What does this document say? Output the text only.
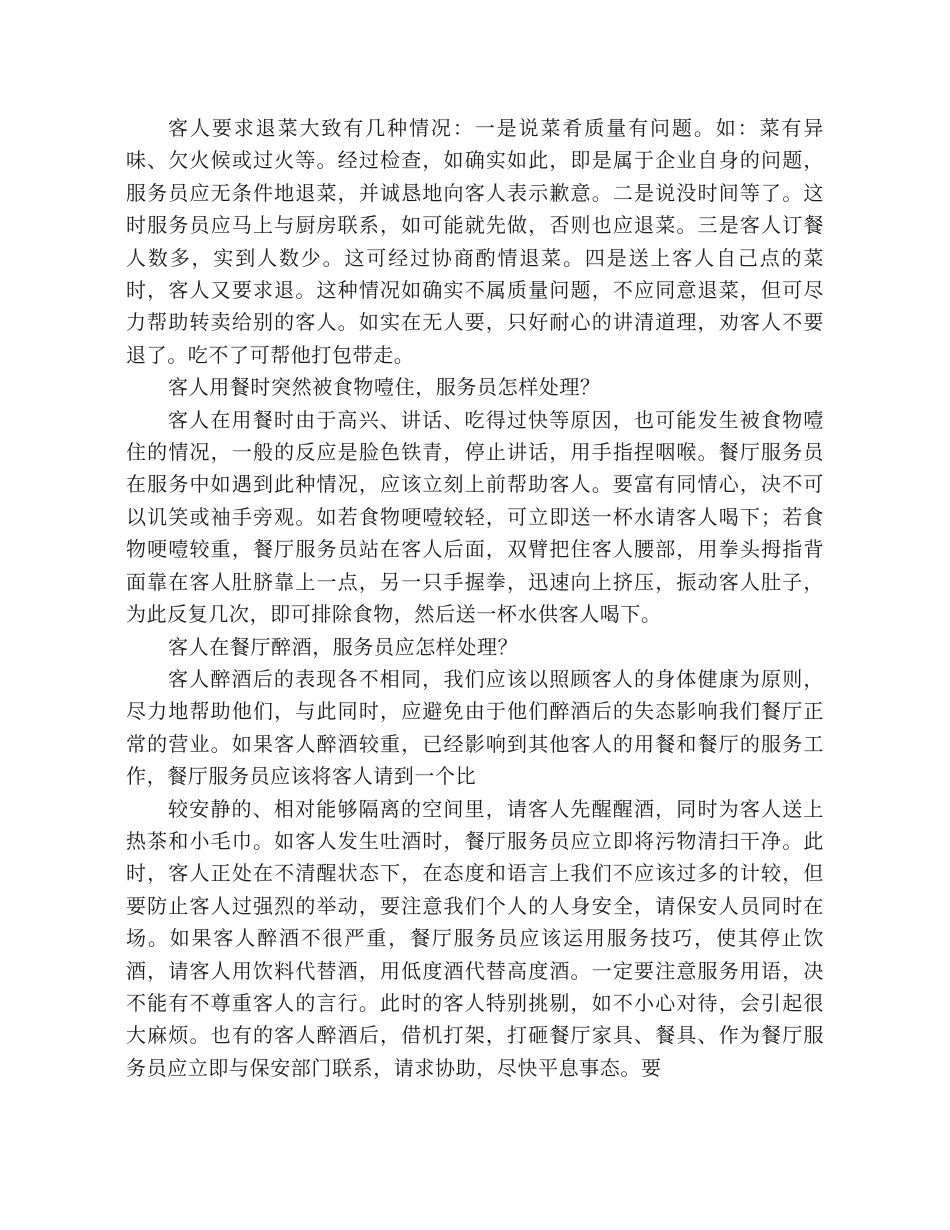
客人要求退菜大致有几种情况：一是说菜肴质量有问题。如：菜有异味、欠火候或过火等。经过检查，如确实如此，即是属于企业自身的问题，服务员应无条件地退菜，并诚恳地向客人表示歉意。二是说没时间等了。这时服务员应马上与厨房联系，如可能就先做，否则也应退菜。三是客人订餐人数多，实到人数少。这可经过协商酌情退菜。四是送上客人自己点的菜时，客人又要求退。这种情况如确实不属质量问题，不应同意退菜，但可尽力帮助转卖给别的客人。如实在无人要，只好耐心的讲清道理，劝客人不要退了。吃不了可帮他打包带走。

客人用餐时突然被食物噎住，服务员怎样处理？

客人在用餐时由于高兴、讲话、吃得过快等原因，也可能发生被食物噎住的情况，一般的反应是脸色铁青，停止讲话，用手指捏咽喉。餐厅服务员在服务中如遇到此种情况，应该立刻上前帮助客人。要富有同情心，决不可以讥笑或袖手旁观。如若食物哽噎较轻，可立即送一杯水请客人喝下；若食物哽噎较重，餐厅服务员站在客人后面，双臂把住客人腰部，用拳头拇指背面靠在客人肚脐靠上一点，另一只手握拳，迅速向上挤压，振动客人肚子，为此反复几次，即可排除食物，然后送一杯水供客人喝下。

客人在餐厅醉酒，服务员应怎样处理？

客人醉酒后的表现各不相同，我们应该以照顾客人的身体健康为原则，尽力地帮助他们，与此同时，应避免由于他们醉酒后的失态影响我们餐厅正常的营业。如果客人醉酒较重，已经影响到其他客人的用餐和餐厅的服务工作，餐厅服务员应该将客人请到一个比

较安静的、相对能够隔离的空间里，请客人先醒醒酒，同时为客人送上热茶和小毛巾。如客人发生吐酒时，餐厅服务员应立即将污物清扫干净。此时，客人正处在不清醒状态下，在态度和语言上我们不应该过多的计较，但要防止客人过强烈的举动，要注意我们个人的人身安全，请保安人员同时在场。如果客人醉酒不很严重，餐厅服务员应该运用服务技巧，使其停止饮酒，请客人用饮料代替酒，用低度酒代替高度酒。一定要注意服务用语，决不能有不尊重客人的言行。此时的客人特别挑剔，如不小心对待，会引起很大麻烦。也有的客人醉酒后，借机打架，打砸餐厅家具、餐具、作为餐厅服务员应立即与保安部门联系，请求协助，尽快平息事态。要
